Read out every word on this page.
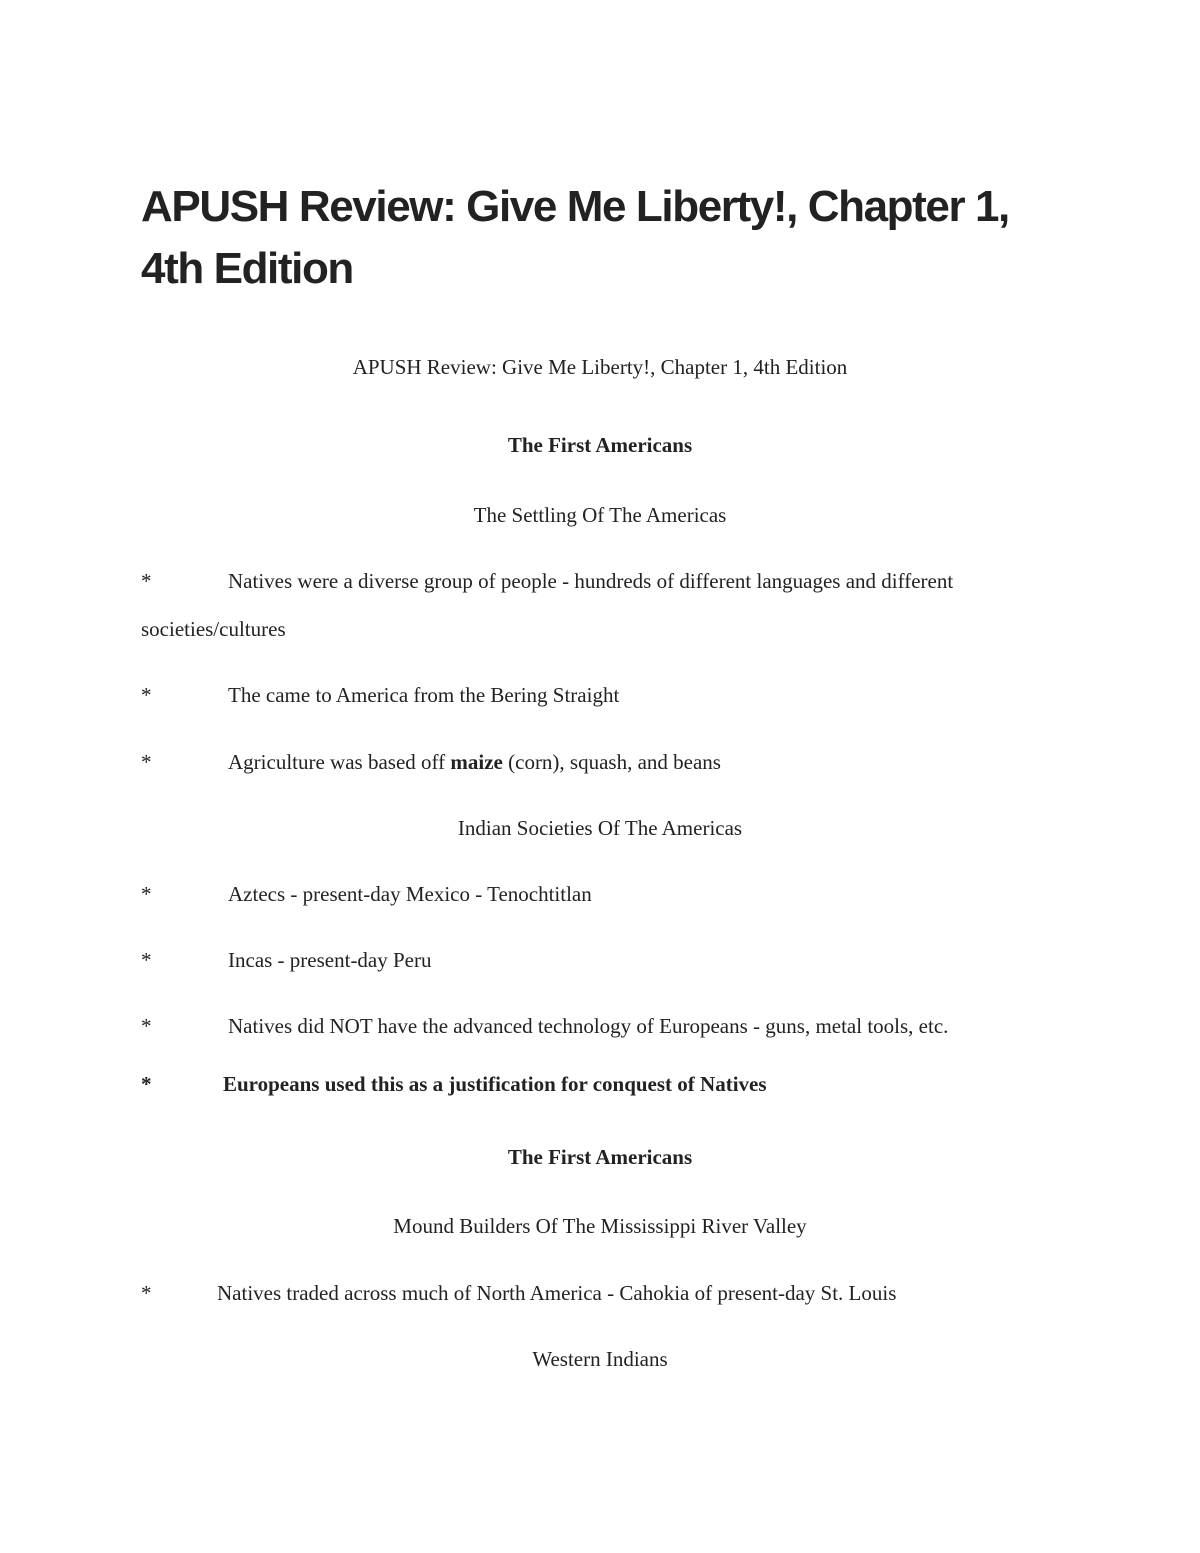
APUSH Review: Give Me Liberty!, Chapter 1, 4th Edition
APUSH Review: Give Me Liberty!, Chapter 1, 4th Edition
The First Americans
The Settling Of The Americas
*	Natives were a diverse group of people - hundreds of different languages and different
societies/cultures
*	The came to America from the Bering Straight
*	Agriculture was based off maize (corn), squash, and beans
Indian Societies Of The Americas
*	Aztecs - present-day Mexico - Tenochtitlan
*	Incas - present-day Peru
*	Natives did NOT have the advanced technology of Europeans - guns, metal tools, etc.
*	Europeans used this as a justification for conquest of Natives
The First Americans
Mound Builders Of The Mississippi River Valley
*	Natives traded across much of North America - Cahokia of present-day St. Louis
Western Indians
